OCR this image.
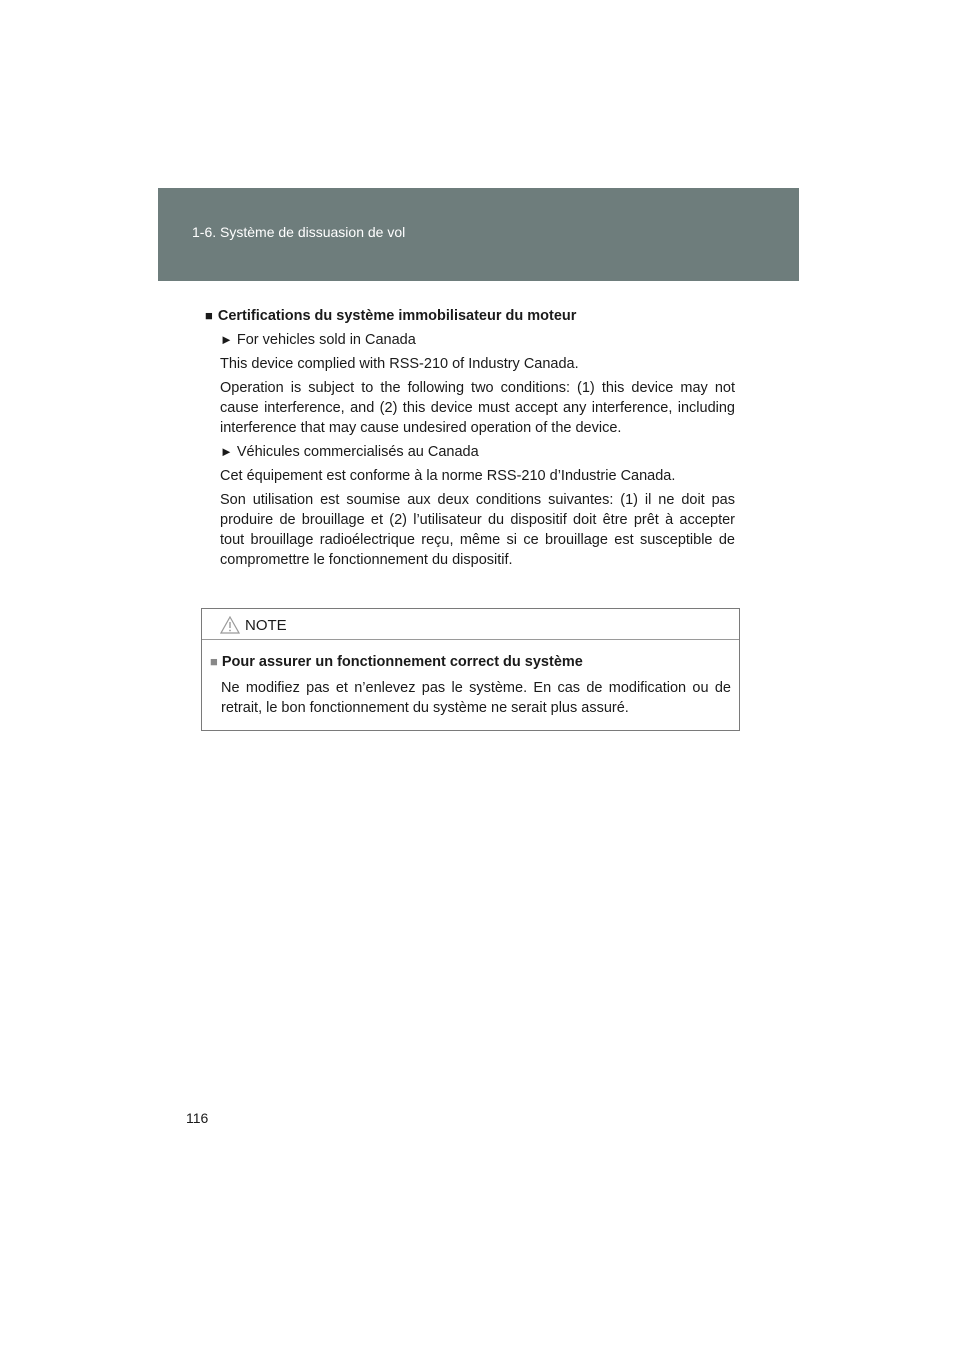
1-6. Système de dissuasion de vol

■ Certifications du système immobilisateur du moteur

► For vehicles sold in Canada

This device complied with RSS-210 of Industry Canada.

Operation is subject to the following two conditions: (1) this device may not cause interference, and (2) this device must accept any interference, including interference that may cause undesired operation of the device.

► Véhicules commercialisés au Canada

Cet équipement est conforme à la norme RSS-210 d’Industrie Canada.

Son utilisation est soumise aux deux conditions suivantes: (1) il ne doit pas produire de brouillage et (2) l’utilisateur du dispositif doit être prêt à accepter tout brouillage radioélectrique reçu, même si ce brouillage est susceptible de compromettre le fonctionnement du dispositif.

NOTE

■ Pour assurer un fonctionnement correct du système

Ne modifiez pas et n’enlevez pas le système. En cas de modification ou de retrait, le bon fonctionnement du système ne serait plus assuré.

116
